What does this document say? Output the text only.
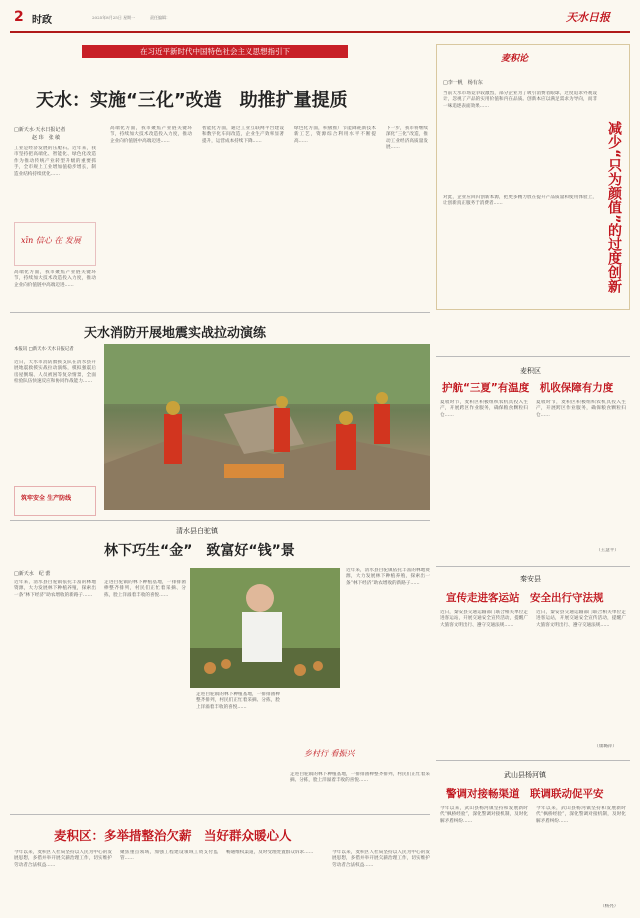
2 时政	2025年8月25日 星期一	责任编辑：	天水日报
在习近平新时代中国特色社会主义思想指引下
天水：实施“三化”改造　助推扩量提质
□新天水·天水日报记者
赵 玮　张 敏
工业是经济发展的压舱石。近年来，我市坚持把高端化、智能化、绿色化改造作为推动传统产业转型升级的重要抓手，全市规上工业增加值稳步增长，制造业结构持续优化……
xīn 信心 在 发展
高端化方面，我市聚焦产业链关键环节，持续加大技术改造投入力度，推动企业向价值链中高端迈进……
高端化方面，我市聚焦产业链关键环节，持续加大技术改造投入力度，推动企业向价值链中高端迈进……
智能化方面，通过工业互联网平台建设和数字化车间改造，企业生产效率显著提升，运营成本持续下降……
绿色化方面，积极推广节能降耗新技术新工艺，资源综合利用水平不断提高……
下一步，我市将继续深化“三化”改造，推动工业经济高质量发展……
麦积论
□李一帆　杨有东
减少“只为颜值”的过度创新
当前天水市场竞争较激烈，部分企业为了吸引消费者眼球，过度追求外观设计，忽视了产品的实用价值和内在品质。创新本应以满足需求为导向，而非一味追逐表面效果……
对此，企业应回归创新本源，把更多精力放在提升产品质量和使用体验上，让创新真正服务于消费者……
天水消防开展地震实战拉动演练
本报讯 □新天水·天水日报记者
近日，天水市消防救援支队在清水县开展地震救援实战拉动演练，模拟强震后房屋倒塌、人员被困等复杂情景，全面检验队伍快速反应和协同作战能力……
筑牢安全 生产防线
清水县白驼镇
林下巧生“金”　致富好“钱”景
□新天水　纪 蕾
近年来，清水县白驼镇依托丰富的林地资源，大力发展林下种植养殖，探索出一条“林下经济”助农增收的新路子……
走进白驼镇的林下种植基地，一排排菌棒整齐排列，村民们正忙着采摘、分拣，脸上洋溢着丰收的喜悦……
走进白驼镇的林下种植基地，一排排菌棒整齐排列，村民们正忙着采摘、分拣，脸上洋溢着丰收的喜悦……
近年来，清水县白驼镇依托丰富的林地资源，大力发展林下种植养殖，探索出一条“林下经济”助农增收的新路子……
乡村行 看振兴
走进白驼镇的林下种植基地，一排排菌棒整齐排列，村民们正忙着采摘、分拣，脸上洋溢着丰收的喜悦……
麦积区：多举措整治欠薪　当好群众暖心人
今年以来，麦积区人社局坚持以人民为中心的发展思想，多措并举开展欠薪治理工作，切实维护劳动者合法权益……
聚焦重点领域，加强工程建设领域工资支付监管……
畅通维权渠道，及时受理处置群众诉求……	今年以来，麦积区人社局坚持以人民为中心的发展思想，多措并举开展欠薪治理工作，切实维护劳动者合法权益……
麦积区
护航“三夏”有温度　机收保障有力度
夏收时节，麦积区积极组织农机具投入生产，开展跨区作业服务，确保粮食颗粒归仓……
夏收时节，麦积区积极组织农机具投入生产，开展跨区作业服务，确保粮食颗粒归仓……
（王慧平）
秦安县
宣传走进客运站　安全出行守法规
近日，秦安县交通运输部门联合相关单位走进客运站，开展交通安全宣传活动，提醒广大旅客文明出行、遵守交通法规……
近日，秦安县交通运输部门联合相关单位走进客运站，开展交通安全宣传活动，提醒广大旅客文明出行、遵守交通法规……
（康璐萍）
武山县杨河镇
警调对接畅渠道　联调联动促平安
今年以来，武山县杨河镇坚持和发展新时代“枫桥经验”，深化警调对接机制，及时化解矛盾纠纷……
今年以来，武山县杨河镇坚持和发展新时代“枫桥经验”，深化警调对接机制，及时化解矛盾纠纷……
（杨亮）
